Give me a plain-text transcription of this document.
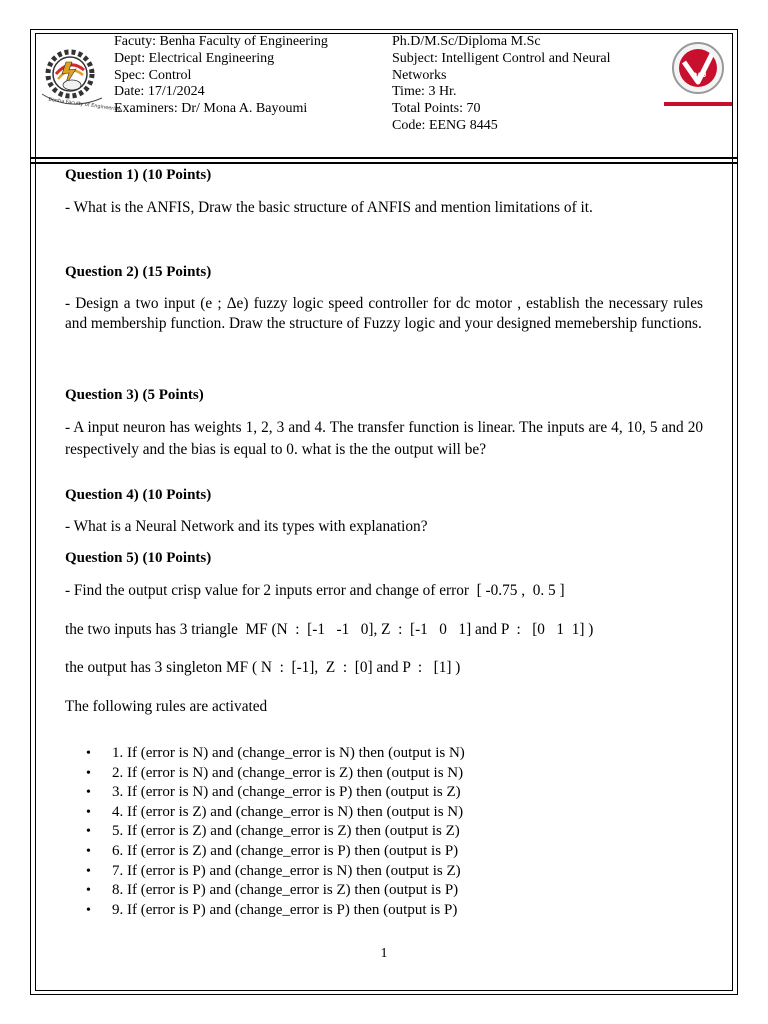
Benha Faculty of Engineering
Facuty: Benha Faculty of Engineering
Dept: Electrical Engineering
Spec: Control
Date: 17/1/2024
Examiners: Dr/ Mona A. Bayoumi
Ph.D/M.Sc/Diploma M.Sc
Subject: Intelligent Control and Neural Networks
Time: 3 Hr.
Total Points: 70
Code: EENG 8445
QAU
Question 1) (10 Points)
- What is the ANFIS, Draw the basic structure of ANFIS and mention limitations of it.
Question 2) (15 Points)
- Design a two input (e ; Δe) fuzzy logic speed controller for dc motor , establish the necessary rules and membership function. Draw the structure of Fuzzy logic and your designed memebership functions.
Question 3) (5 Points)
- A input neuron has weights 1, 2, 3 and 4. The transfer function is linear. The inputs are 4, 10, 5 and 20 respectively and the bias is equal to 0. what is the the output will be?
Question 4) (10 Points)
- What is a Neural Network and its types with explanation?
Question 5) (10 Points)
- Find the output crisp value for 2 inputs error and change of error  [ -0.75 ,  0. 5 ]
the two inputs has 3 triangle  MF (N  :  [-1   -1   0], Z  :  [-1   0   1] and P  :   [0   1  1] )
the output has 3 singleton MF ( N  :  [-1],  Z  :  [0] and P  :   [1] )
The following rules are activated
• 1. If (error is N) and (change_error is N) then (output is N)
• 2. If (error is N) and (change_error is Z) then (output is N)
• 3. If (error is N) and (change_error is P) then (output is Z)
• 4. If (error is Z) and (change_error is N) then (output is N)
• 5. If (error is Z) and (change_error is Z) then (output is Z)
• 6. If (error is Z) and (change_error is P) then (output is P)
• 7. If (error is P) and (change_error is N) then (output is Z)
• 8. If (error is P) and (change_error is Z) then (output is P)
• 9. If (error is P) and (change_error is P) then (output is P)
1
